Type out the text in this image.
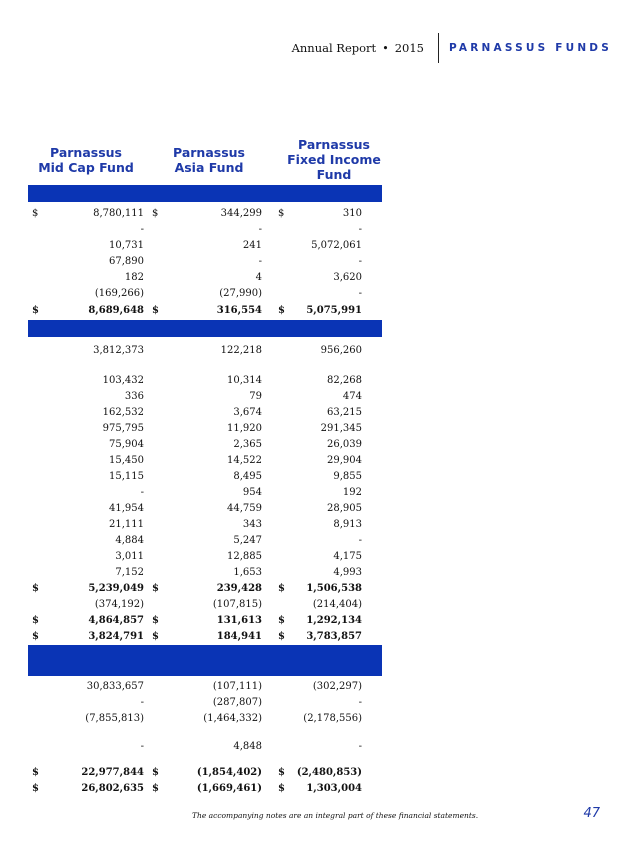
Annual Report • 2015 PARNASSUS FUNDS
Parnassus
Mid Cap Fund
Parnassus
Asia Fund
Parnassus
Fixed Income
Fund
$	8,780,111 $	344,299 $	310
-	-	-
10,731	241	5,072,061
67,890	-	-
182	4	3,620
(169,266)	(27,990)	-
$	8,689,648 $	316,554 $ 5,075,991
3,812,373	122,218	956,260
103,432	10,314	82,268
336	79	474
162,532	3,674	63,215
975,795	11,920	291,345
75,904	2,365	26,039
15,450	14,522	29,904
15,115	8,495	9,855
-	954	192
41,954	44,759	28,905
21,111	343	8,913
4,884	5,247	-
3,011	12,885	4,175
7,152	1,653	4,993
$	5,239,049 $	239,428 $ 1,506,538
(374,192)	(107,815)	(214,404)
$	4,864,857 $	131,613 $ 1,292,134
$	3,824,791 $	184,941 $ 3,783,857
30,833,657	(107,111)	(302,297)
-	(287,807)	-
(7,855,813)	(1,464,332)	(2,178,556)
-	4,848	-
$	22,977,844 $	(1,854,402) $ (2,480,853)
$	26,802,635 $	(1,669,461) $ 1,303,004
The accompanying notes are an integral part of these financial statements.	47
